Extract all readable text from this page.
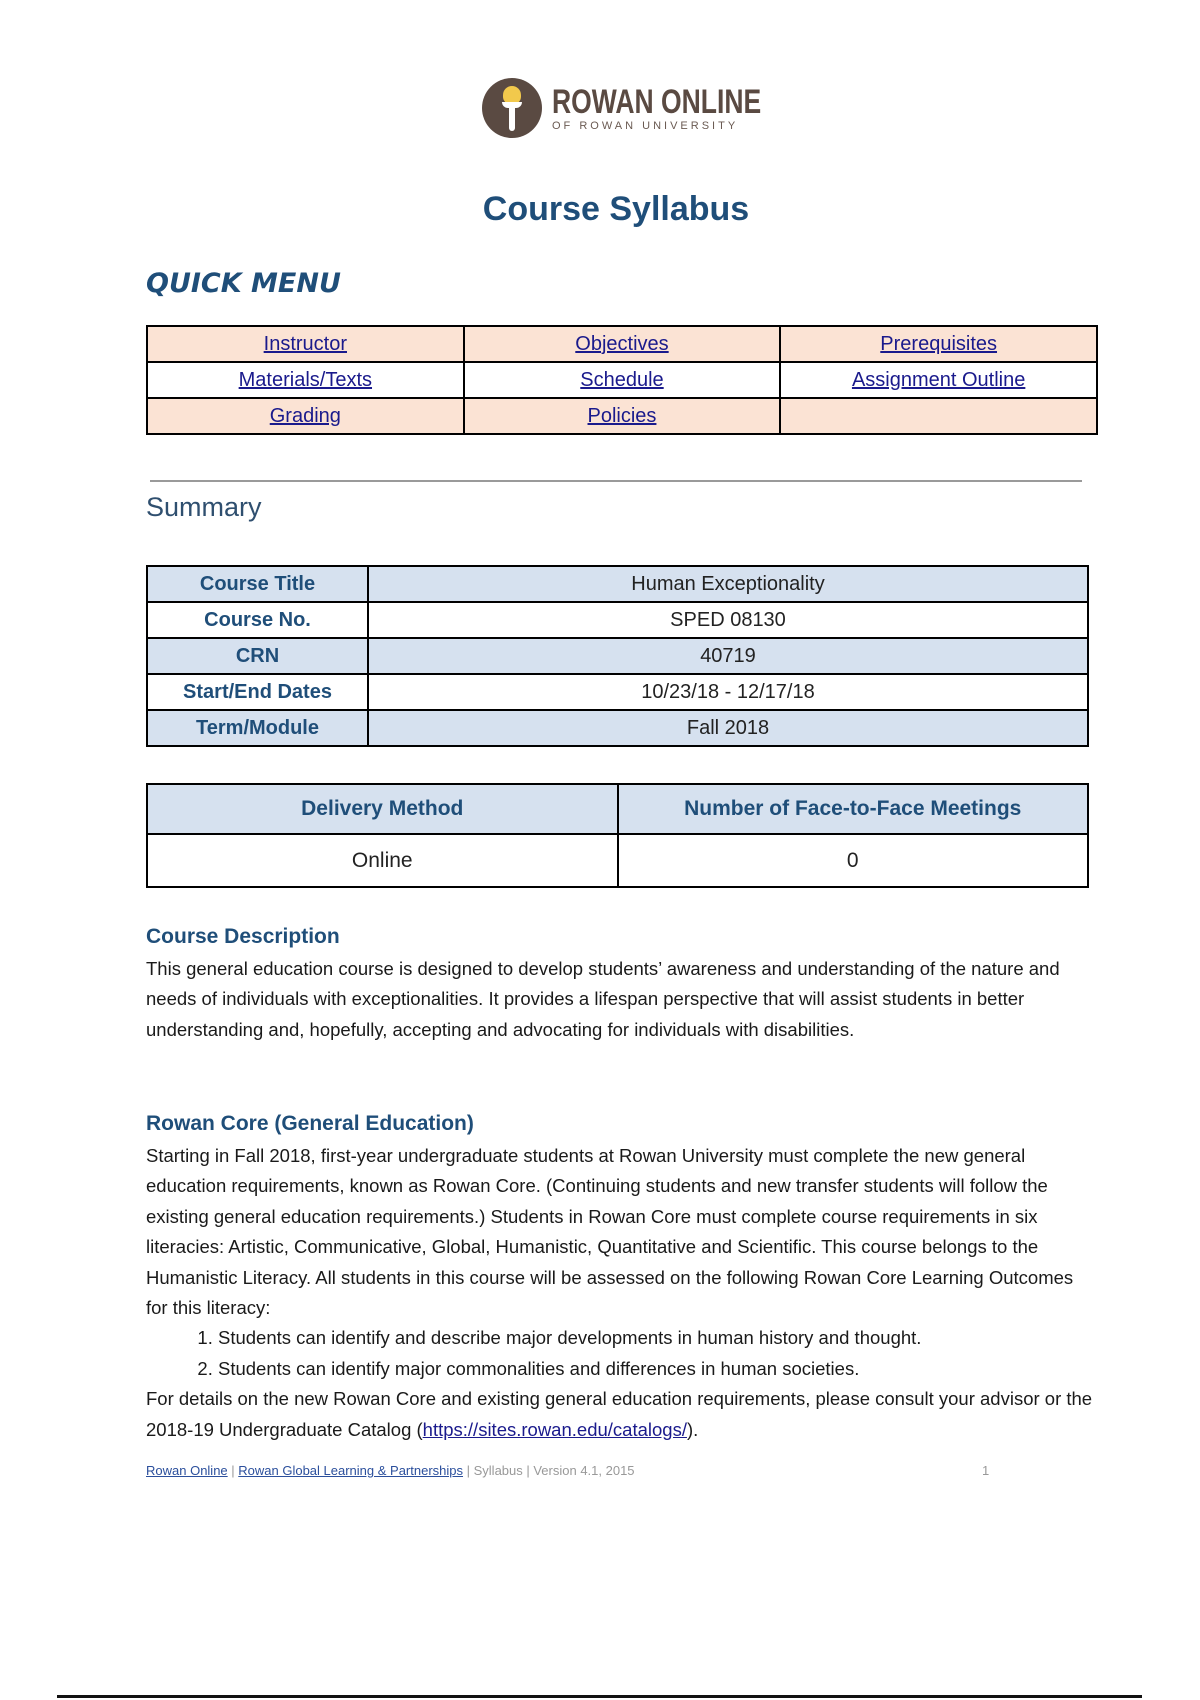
ROWAN ONLINE
OF ROWAN UNIVERSITY
Course Syllabus
QUICK MENU
Instructor	Objectives	Prerequisites
Materials/Texts	Schedule	Assignment Outline
Grading	Policies	
Summary
Course Title	Human Exceptionality
Course No.	SPED 08130
CRN	40719
Start/End Dates	10/23/18 - 12/17/18
Term/Module	Fall 2018
Delivery Method	Number of Face-to-Face Meetings
Online	0
Course Description
This general education course is designed to develop students’ awareness and understanding of the nature and needs of individuals with exceptionalities. It provides a lifespan perspective that will assist students in better understanding and, hopefully, accepting and advocating for individuals with disabilities.
Rowan Core (General Education)

Starting in Fall 2018, first-year undergraduate students at Rowan University must complete the new general education requirements, known as Rowan Core. (Continuing students and new transfer students will follow the existing general education requirements.) Students in Rowan Core must complete course requirements in six literacies: Artistic, Communicative, Global, Humanistic, Quantitative and Scientific. This course belongs to the Humanistic Literacy. All students in this course will be assessed on the following Rowan Core Learning Outcomes for this literacy:

1. Students can identify and describe major developments in human history and thought.
2. Students can identify major commonalities and differences in human societies.

For details on the new Rowan Core and existing general education requirements, please consult your advisor or the 2018-19 Undergraduate Catalog (https://sites.rowan.edu/catalogs/).

Rowan Online | Rowan Global Learning & Partnerships | Syllabus | Version 4.1, 2015	1
